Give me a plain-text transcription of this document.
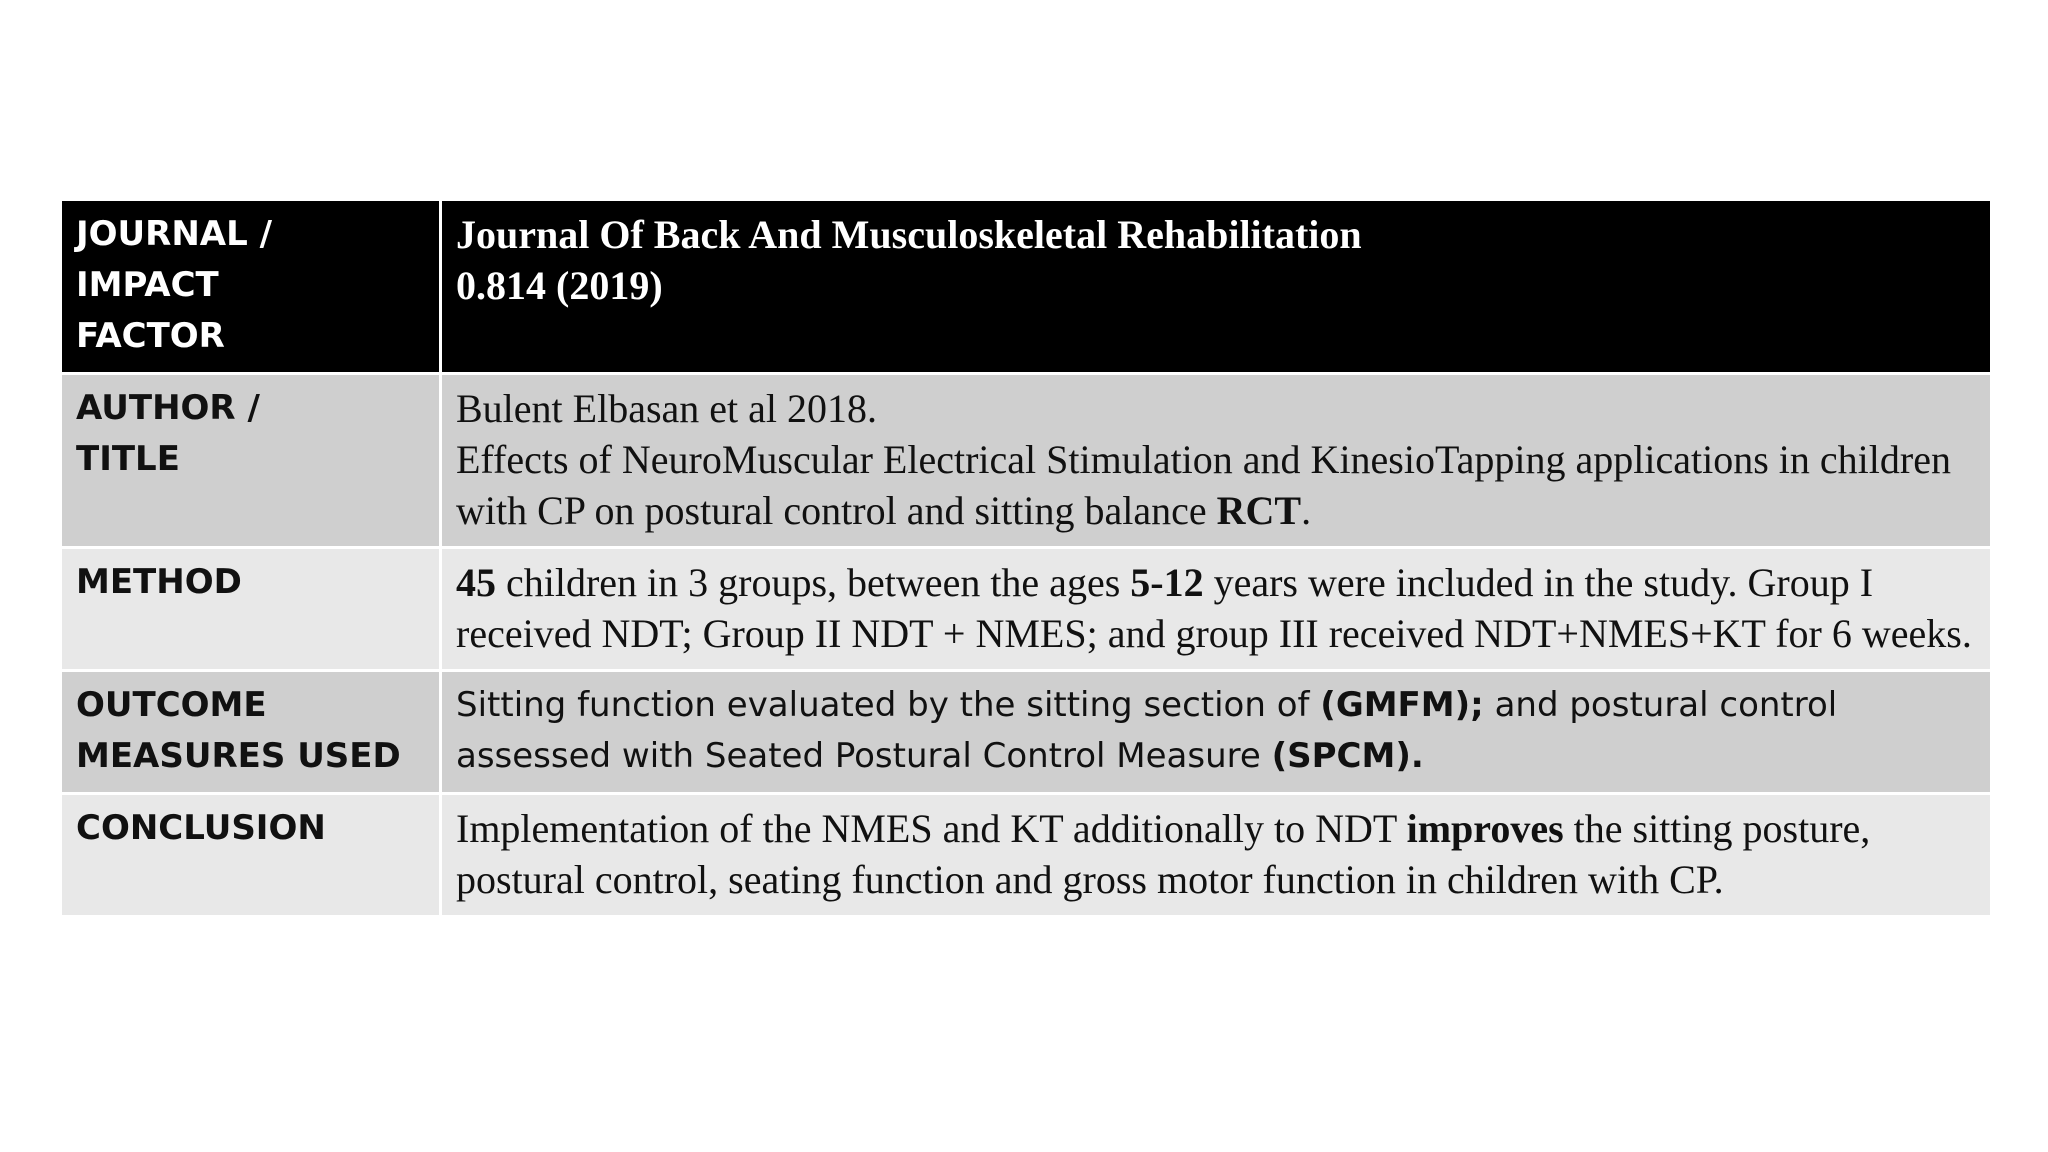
JOURNAL / IMPACT
FACTOR	Journal Of Back And Musculoskeletal Rehabilitation
0.814 (2019)

AUTHOR /
TITLE	Bulent Elbasan et al 2018.
Effects of NeuroMuscular Electrical Stimulation and KinesioTapping applications in children with CP on postural control and sitting balance RCT.

METHOD	45 children in 3 groups, between the ages 5-12 years were included in the study. Group I received NDT; Group II NDT + NMES; and group III received NDT+NMES+KT for 6 weeks.
OUTCOME
MEASURES USED	Sitting function evaluated by the sitting section of (GMFM); and postural control assessed with Seated Postural Control Measure (SPCM).
CONCLUSION	Implementation of the NMES and KT additionally to NDT improves the sitting posture, postural control, seating function and gross motor function in children with CP.
